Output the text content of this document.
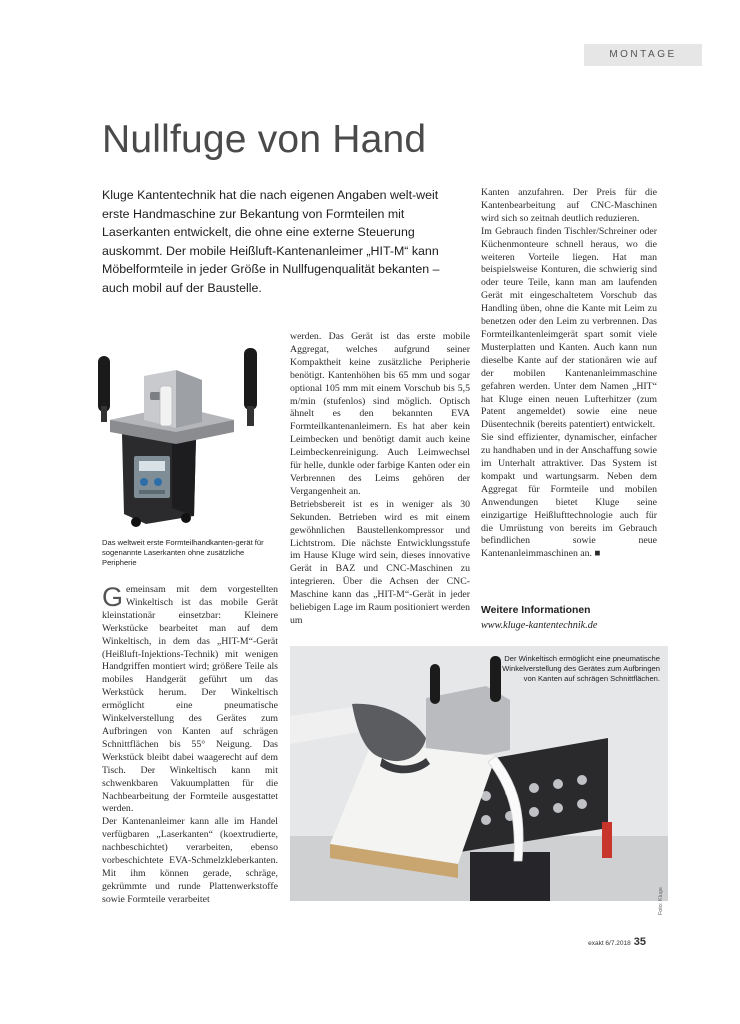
MONTAGE
Nullfuge von Hand

Kluge Kantentechnik hat die nach eigenen Angaben welt-weit erste Handmaschine zur Bekantung von Formteilen mit Laserkanten entwickelt, die ohne eine externe Steuerung auskommt. Der mobile Heißluft-Kantenanleimer „HIT-M“ kann Möbelformteile in jeder Größe in Nullfugenqualität bekanten – auch mobil auf der Baustelle.

Das weltweit erste Formteilhandkanten-gerät für sogenannte Laserkanten ohne zusätzliche Peripherie

Gemeinsam mit dem vorgestellten Winkeltisch ist das mobile Gerät kleinstationär einsetzbar: Kleinere Werkstücke bearbeitet man auf dem Winkeltisch, in dem das „HIT-M“-Gerät (Heißluft-Injektions-Technik) mit wenigen Handgriffen montiert wird; größere Teile als mobiles Handgerät geführt um das Werkstück herum. Der Winkeltisch ermöglicht eine pneumatische Winkelverstellung des Gerätes zum Aufbringen von Kanten auf schrägen Schnittflächen bis 55° Neigung. Das Werkstück bleibt dabei waagerecht auf dem Tisch. Der Winkeltisch kann mit schwenkbaren Vakuumplatten für die Nachbearbeitung der Formteile ausgestattet werden.

Der Kantenanleimer kann alle im Handel verfügbaren „Laserkanten“ (koextrudierte, nachbeschichtet) verarbeiten, ebenso vorbeschichtete EVA-Schmelzkleberkanten. Mit ihm können gerade, schräge, gekrümmte und runde Plattenwerkstoffe sowie Formteile verarbeitet

werden. Das Gerät ist das erste mobile Aggregat, welches aufgrund seiner Kompaktheit keine zusätzliche Peripherie benötigt. Kantenhöhen bis 65 mm und sogar optional 105 mm mit einem Vorschub bis 5,5 m/min (stufenlos) sind möglich. Optisch ähnelt es den bekannten EVA Formteilkantenanleimern. Es hat aber kein Leimbecken und benötigt damit auch keine Leimbeckenreinigung. Auch Leimwechsel für helle, dunkle oder farbige Kanten oder ein Verbrennen des Leims gehören der Vergangenheit an.

Betriebsbereit ist es in weniger als 30 Sekunden. Betrieben wird es mit einem gewöhnlichen Baustellenkompressor und Lichtstrom. Die nächste Entwicklungsstufe im Hause Kluge wird sein, dieses innovative Gerät in BAZ und CNC-Maschinen zu integrieren. Über die Achsen der CNC-Maschine kann das „HIT-M“-Gerät in jeder beliebigen Lage im Raum positioniert werden um

Kanten anzufahren. Der Preis für die Kantenbearbeitung auf CNC-Maschinen wird sich so zeitnah deutlich reduzieren.

Im Gebrauch finden Tischler/Schreiner oder Küchenmonteure schnell heraus, wo die weiteren Vorteile liegen. Hat man beispielsweise Konturen, die schwierig sind oder teure Teile, kann man am laufenden Gerät mit eingeschaltetem Vorschub das Handling üben, ohne die Kante mit Leim zu benetzen oder den Leim zu verbrennen. Das Formteilkantenleimgerät spart somit viele Musterplatten und Kanten. Auch kann nun dieselbe Kante auf der stationären wie auf der mobilen Kantenanleimmaschine gefahren werden. Unter dem Namen „HIT“ hat Kluge einen neuen Lufterhitzer (zum Patent angemeldet) sowie eine neue Düsentechnik (bereits patentiert) entwickelt.

Sie sind effizienter, dynamischer, einfacher zu handhaben und in der Anschaffung sowie im Unterhalt attraktiver. Das System ist kompakt und wartungsarm. Neben dem Aggregat für Formteile und mobilen Anwendungen bietet Kluge seine einzigartige Heißlufttechnologie auch für die Umrüstung von bereits im Gebrauch befindlichen sowie neue Kantenanleimmaschinen an. ■

Weitere Informationen

www.kluge-kantentechnik.de

Der Winkeltisch ermöglicht eine pneumatische Winkelverstellung des Gerätes zum Aufbringen von Kanten auf schrägen Schnittflächen.
Foto: Kluge
exakt 6/7.2018 35
